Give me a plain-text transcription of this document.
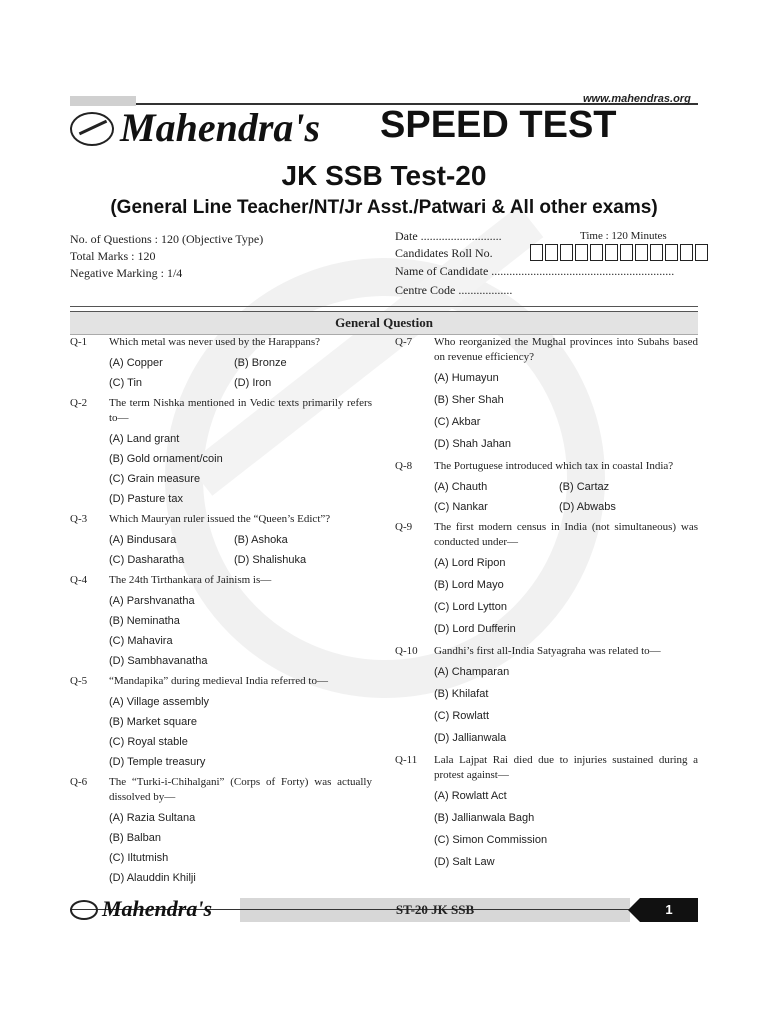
www.mahendras.org
Mahendra's SPEED TEST
JK SSB Test-20
(General Line Teacher/NT/Jr Asst./Patwari & All other exams)
No. of Questions : 120 (Objective Type)
Total Marks : 120
Negative Marking : 1/4
Date ...........................	Time : 120 Minutes
Candidates Roll No.
Name of Candidate .............................................................
Centre Code ..................
General Question
Q-1 Which metal was never used by the Harappans?
(A) Copper	(B) Bronze
(C) Tin	(D) Iron
Q-2 The term Nishka mentioned in Vedic texts primarily refers to—
(A) Land grant
(B) Gold ornament/coin
(C) Grain measure
(D) Pasture tax
Q-3 Which Mauryan ruler issued the “Queen’s Edict”?
(A) Bindusara	(B) Ashoka
(C) Dasharatha	(D) Shalishuka
Q-4 The 24th Tirthankara of Jainism is—
(A) Parshvanatha
(B) Neminatha
(C) Mahavira
(D) Sambhavanatha
Q-5 “Mandapika” during medieval India referred to—
(A) Village assembly
(B) Market square
(C) Royal stable
(D) Temple treasury
Q-6 The “Turki-i-Chihalgani” (Corps of Forty) was actually dissolved by—
(A) Razia Sultana
(B) Balban
(C) Iltutmish
(D) Alauddin Khilji
Q-7 Who reorganized the Mughal provinces into Subahs based on revenue efficiency?
(A) Humayun
(B) Sher Shah
(C) Akbar
(D) Shah Jahan
Q-8 The Portuguese introduced which tax in coastal India?
(A) Chauth	(B) Cartaz
(C) Nankar	(D) Abwabs
Q-9 The first modern census in India (not simultaneous) was conducted under—
(A) Lord Ripon
(B) Lord Mayo
(C) Lord Lytton
(D) Lord Dufferin
Q-10 Gandhi’s first all-India Satyagraha was related to—
(A) Champaran
(B) Khilafat
(C) Rowlatt
(D) Jallianwala
Q-11 Lala Lajpat Rai died due to injuries sustained during a protest against—
(A) Rowlatt Act
(B) Jallianwala Bagh
(C) Simon Commission
(D) Salt Law
Mahendra's	ST-20 JK SSB	1
